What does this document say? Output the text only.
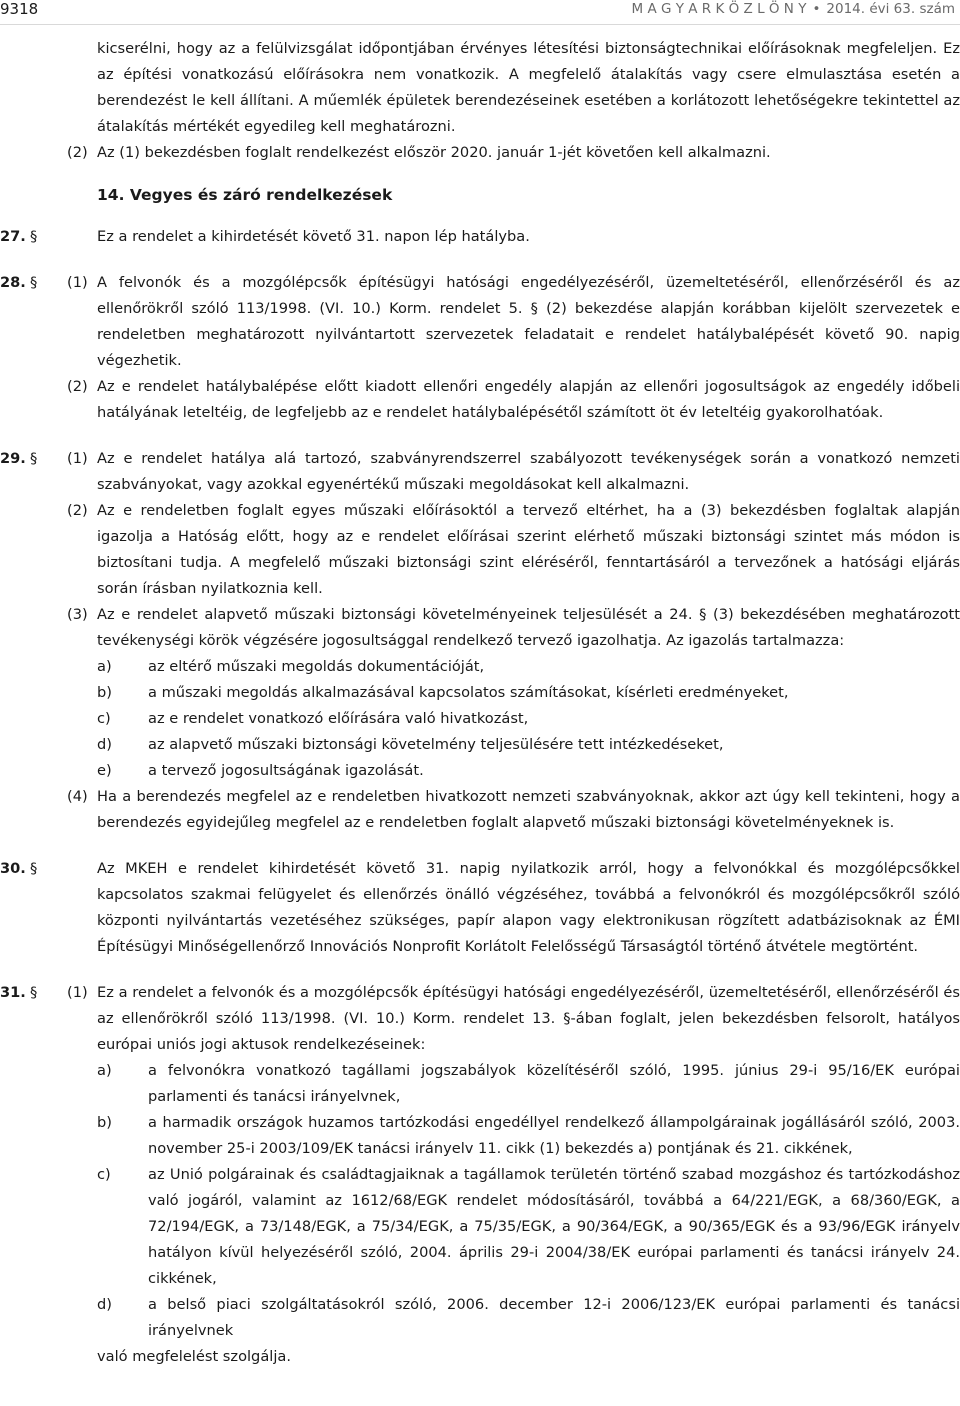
9318	M A G Y A R K Ö Z L Ö N Y • 2014. évi 63. szám

kicserélni, hogy az a felülvizsgálat időpontjában érvényes létesítési biztonságtechnikai előírásoknak megfeleljen. Ez az építési vonatkozású előírásokra nem vonatkozik. A megfelelő átalakítás vagy csere elmulasztása esetén a berendezést le kell állítani. A műemlék épületek berendezéseinek esetében a korlátozott lehetőségekre tekintettel az átalakítás mértékét egyedileg kell meghatározni.

(2) Az (1) bekezdésben foglalt rendelkezést először 2020. január 1-jét követően kell alkalmazni.

14. Vegyes és záró rendelkezések
27. §	Ez a rendelet a kihirdetését követő 31. napon lép hatályba.

28. § (1) A felvonók és a mozgólépcsők építésügyi hatósági engedélyezéséről, üzemeltetéséről, ellenőrzéséről és az ellenőrökről szóló 113/1998. (VI. 10.) Korm. rendelet 5. § (2) bekezdése alapján korábban kijelölt szervezetek e rendeletben meghatározott nyilvántartott szervezetek feladatait e rendelet hatálybalépését követő 90. napig végezhetik.

(2) Az e rendelet hatálybalépése előtt kiadott ellenőri engedély alapján az ellenőri jogosultságok az engedély időbeli hatályának leteltéig, de legfeljebb az e rendelet hatálybalépésétől számított öt év leteltéig gyakorolhatóak.

29. § (1) Az e rendelet hatálya alá tartozó, szabványrendszerrel szabályozott tevékenységek során a vonatkozó nemzeti szabványokat, vagy azokkal egyenértékű műszaki megoldásokat kell alkalmazni.

(2) Az e rendeletben foglalt egyes műszaki előírásoktól a tervező eltérhet, ha a (3) bekezdésben foglaltak alapján igazolja a Hatóság előtt, hogy az e rendelet előírásai szerint elérhető műszaki biztonsági szintet más módon is biztosítani tudja. A megfelelő műszaki biztonsági szint eléréséről, fenntartásáról a tervezőnek a hatósági eljárás során írásban nyilatkoznia kell.

(3) Az e rendelet alapvető műszaki biztonsági követelményeinek teljesülését a 24. § (3) bekezdésében meghatározott tevékenységi körök végzésére jogosultsággal rendelkező tervező igazolhatja. Az igazolás tartalmazza:

a) az eltérő műszaki megoldás dokumentációját,

b) a műszaki megoldás alkalmazásával kapcsolatos számításokat, kísérleti eredményeket,

c)	az e rendelet vonatkozó előírására való hivatkozást,

d) az alapvető műszaki biztonsági követelmény teljesülésére tett intézkedéseket,

e) a tervező jogosultságának igazolását.

(4) Ha a berendezés megfelel az e rendeletben hivatkozott nemzeti szabványoknak, akkor azt úgy kell tekinteni, hogy a berendezés egyidejűleg megfelel az e rendeletben foglalt alapvető műszaki biztonsági követelményeknek is.

30. §	Az MKEH e rendelet kihirdetését követő 31. napig nyilatkozik arról, hogy a felvonókkal és mozgólépcsőkkel kapcsolatos szakmai felügyelet és ellenőrzés önálló végzéséhez, továbbá a felvonókról és mozgólépcsőkről szóló központi nyilvántartás vezetéséhez szükséges, papír alapon vagy elektronikusan rögzített adatbázisoknak az ÉMI Építésügyi Minőségellenőrző Innovációs Nonprofit Korlátolt Felelősségű Társaságtól történő átvétele megtörtént.

31. § (1) Ez a rendelet a felvonók és a mozgólépcsők építésügyi hatósági engedélyezéséről, üzemeltetéséről, ellenőrzéséről és az ellenőrökről szóló 113/1998. (VI. 10.) Korm. rendelet 13. §-ában foglalt, jelen bekezdésben felsorolt, hatályos európai uniós jogi aktusok rendelkezéseinek:

a) a felvonókra vonatkozó tagállami jogszabályok közelítéséről szóló, 1995. június 29-i 95/16/EK európai parlamenti és tanácsi irányelvnek,

b) a harmadik országok huzamos tartózkodási engedéllyel rendelkező állampolgárainak jogállásáról szóló, 2003. november 25-i 2003/109/EK tanácsi irányelv 11. cikk (1) bekezdés a) pontjának és 21. cikkének,

c)	az Unió polgárainak és családtagjaiknak a tagállamok területén történő szabad mozgáshoz és tartózkodáshoz való jogáról, valamint az 1612/68/EGK rendelet módosításáról, továbbá a 64/221/EGK, a 68/360/EGK, a 72/194/EGK, a 73/148/EGK, a 75/34/EGK, a 75/35/EGK, a 90/364/EGK, a 90/365/EGK és a 93/96/EGK irányelv hatályon kívül helyezéséről szóló, 2004. április 29-i 2004/38/EK európai parlamenti és tanácsi irányelv 24. cikkének,

d) a belső piaci szolgáltatásokról szóló, 2006. december 12-i 2006/123/EK európai parlamenti és tanácsi irányelvnek

való megfelelést szolgálja.
